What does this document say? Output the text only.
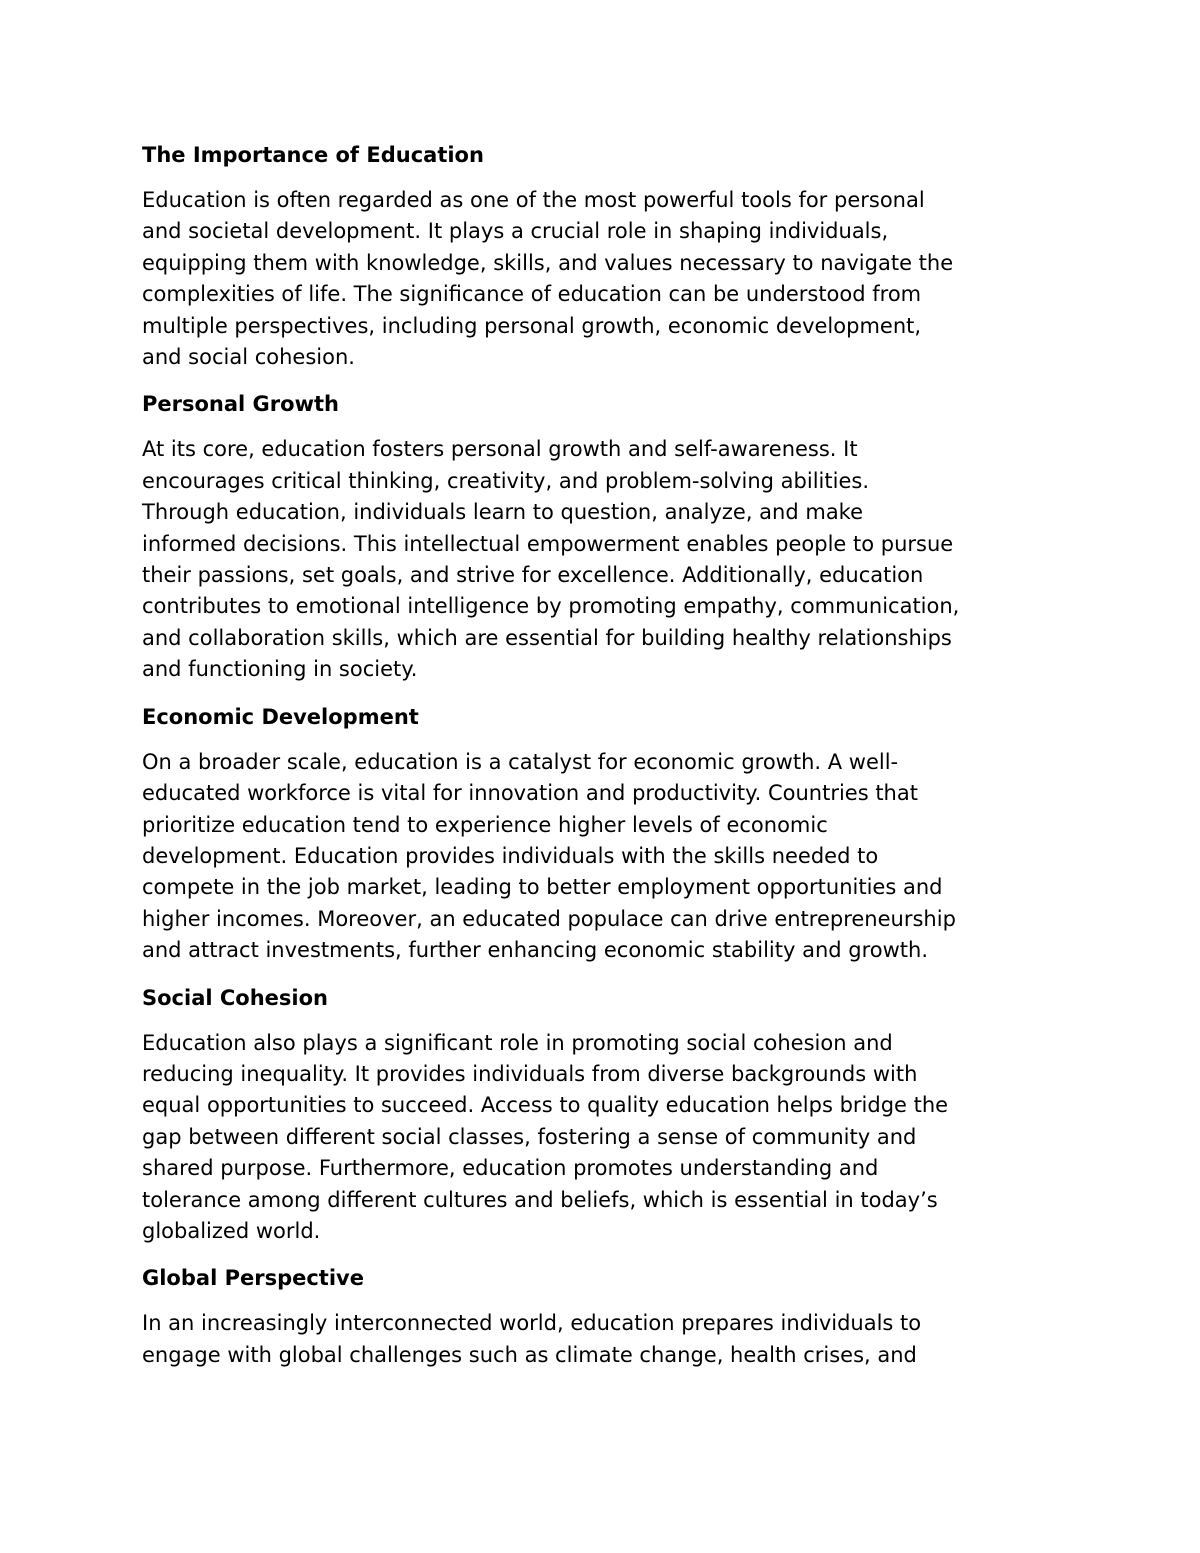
The Importance of Education
Education is often regarded as one of the most powerful tools for personal
and societal development. It plays a crucial role in shaping individuals,
equipping them with knowledge, skills, and values necessary to navigate the
complexities of life. The significance of education can be understood from
multiple perspectives, including personal growth, economic development,
and social cohesion.
Personal Growth
At its core, education fosters personal growth and self-awareness. It
encourages critical thinking, creativity, and problem-solving abilities.
Through education, individuals learn to question, analyze, and make
informed decisions. This intellectual empowerment enables people to pursue
their passions, set goals, and strive for excellence. Additionally, education
contributes to emotional intelligence by promoting empathy, communication,
and collaboration skills, which are essential for building healthy relationships
and functioning in society.
Economic Development
On a broader scale, education is a catalyst for economic growth. A well-
educated workforce is vital for innovation and productivity. Countries that
prioritize education tend to experience higher levels of economic
development. Education provides individuals with the skills needed to
compete in the job market, leading to better employment opportunities and
higher incomes. Moreover, an educated populace can drive entrepreneurship
and attract investments, further enhancing economic stability and growth.
Social Cohesion
Education also plays a significant role in promoting social cohesion and
reducing inequality. It provides individuals from diverse backgrounds with
equal opportunities to succeed. Access to quality education helps bridge the
gap between different social classes, fostering a sense of community and
shared purpose. Furthermore, education promotes understanding and
tolerance among different cultures and beliefs, which is essential in today’s
globalized world.
Global Perspective
In an increasingly interconnected world, education prepares individuals to
engage with global challenges such as climate change, health crises, and
